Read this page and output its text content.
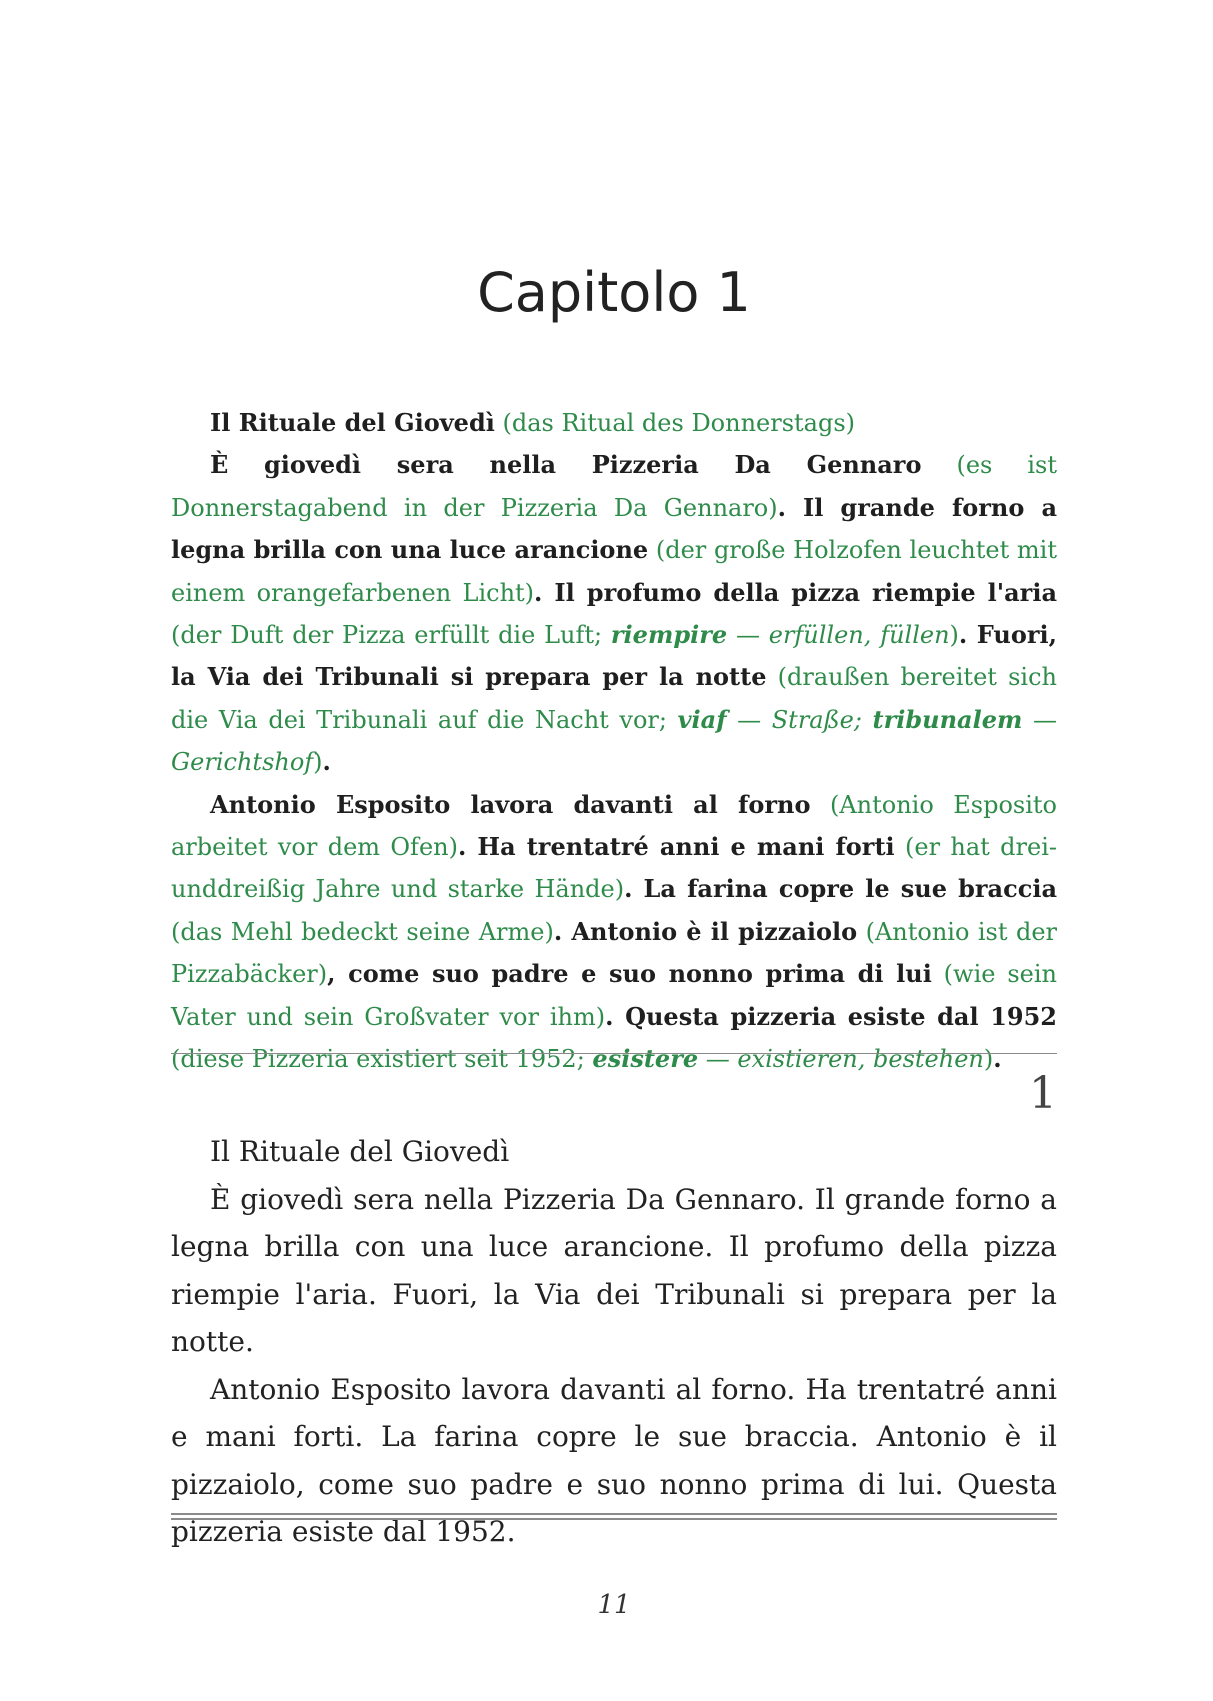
Capitolo 1

Il Rituale del Giovedì (das Ritual des Donnerstags)

È giovedì sera nella Pizzeria Da Gennaro (es ist Donnerstagabend in der Pizzeria Da Gennaro). Il grande forno a legna brilla con una luce arancione (der große Holzofen leuchtet mit einem orangefarbenen Licht). Il profumo della pizza riempie l'aria (der Duft der Pizza erfüllt die Luft; riempire — erfüllen, füllen). Fuori, la Via dei Tribunali si prepara per la notte (draußen bereitet sich die Via dei Tribunali auf die Nacht vor; viaf — Straße; tribunalem — Gerichtshof).

Antonio Esposito lavora davanti al forno (Antonio Esposito arbeitet vor dem Ofen). Ha trentatré anni e mani forti (er hat dreiunddreißig Jahre und starke Hände). La farina copre le sue braccia (das Mehl bedeckt seine Arme). Antonio è il pizzaiolo (Antonio ist der Pizzabäcker), come suo padre e suo nonno prima di lui (wie sein Vater und sein Großvater vor ihm). Questa pizzeria esiste dal 1952 (diese Pizzeria existiert seit 1952; esistere — existieren, bestehen).

1

Il Rituale del Giovedì

È giovedì sera nella Pizzeria Da Gennaro. Il grande forno a legna brilla con una luce arancione. Il profumo della pizza riempie l'aria. Fuori, la Via dei Tribunali si prepara per la notte.

Antonio Esposito lavora davanti al forno. Ha trentatré anni e mani forti. La farina copre le sue braccia. Antonio è il pizzaiolo, come suo padre e suo nonno prima di lui. Questa pizzeria esiste dal 1952.

11
